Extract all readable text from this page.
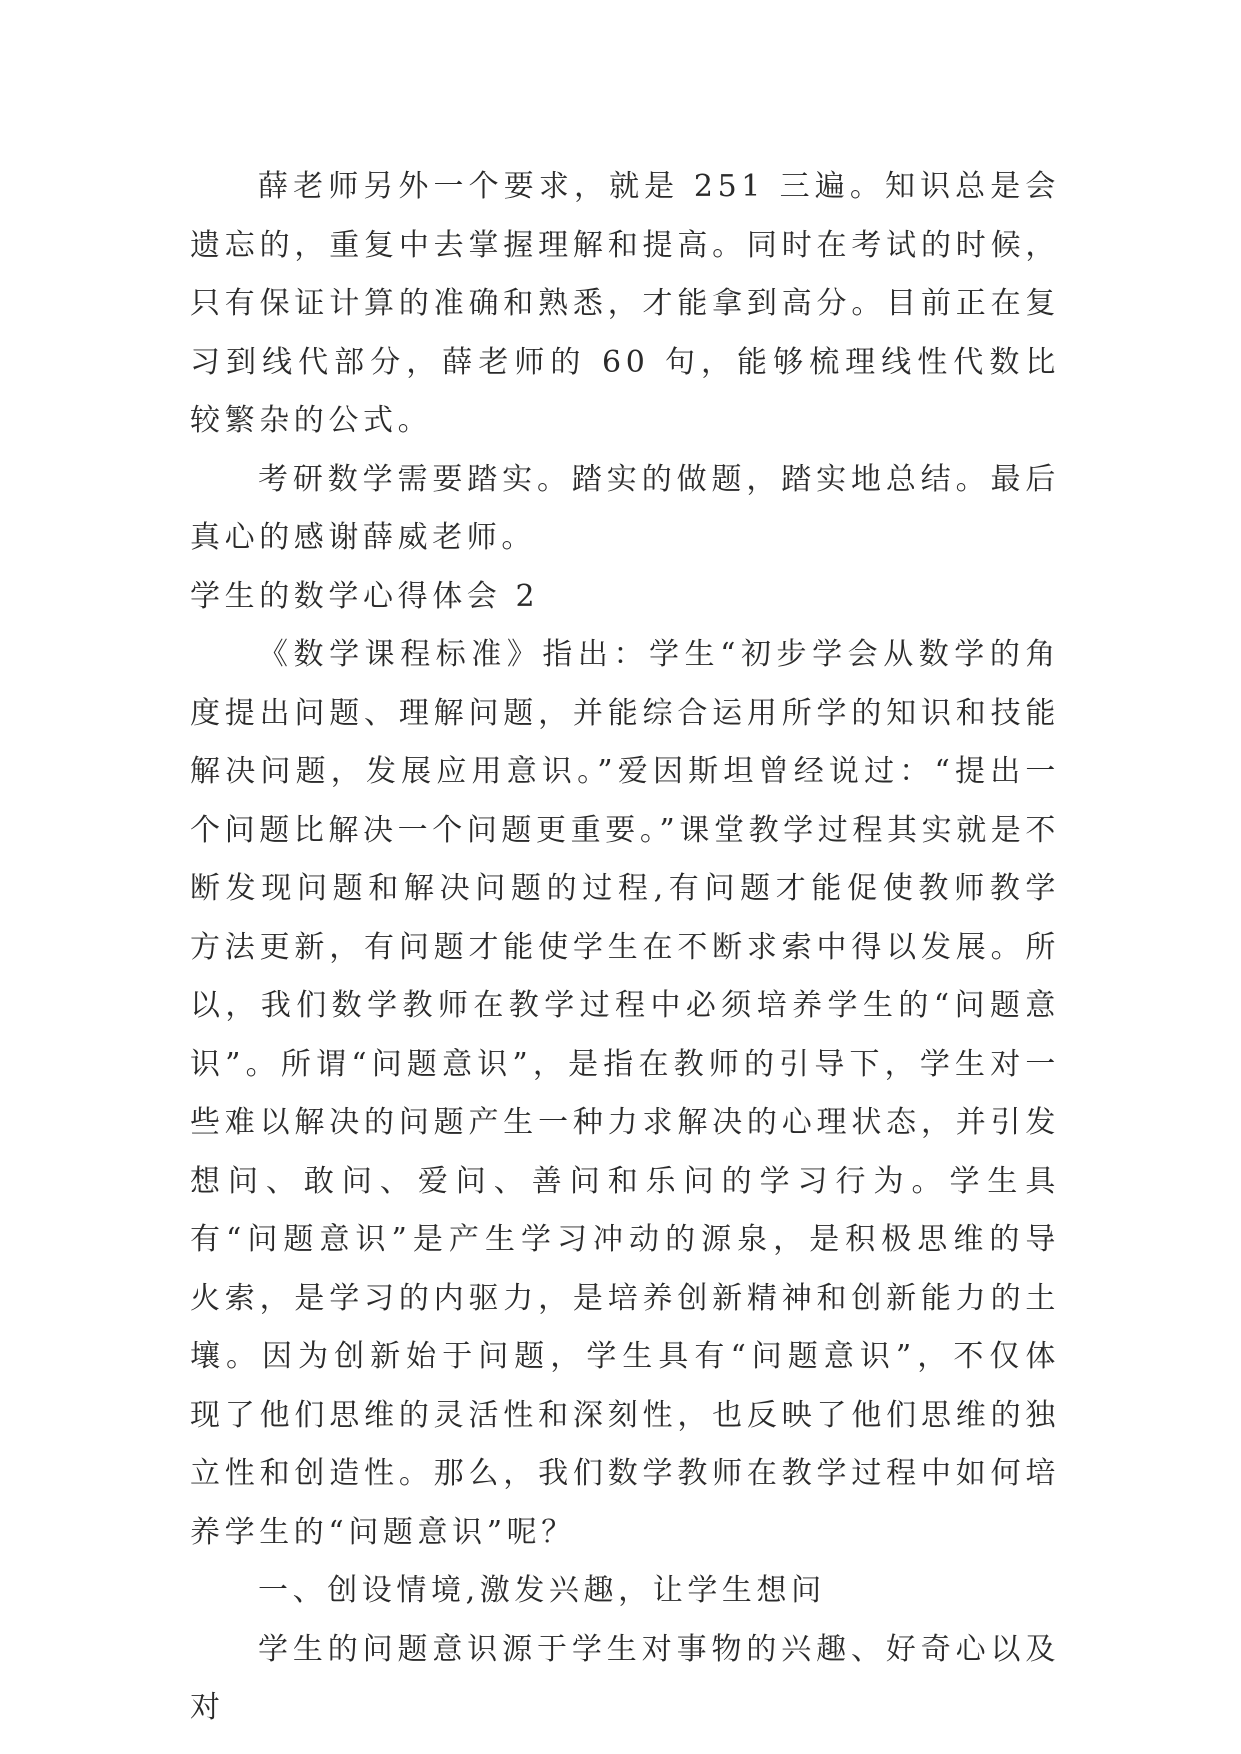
薛老师另外一个要求，就是 251 三遍。知识总是会遗忘的，重复中去掌握理解和提高。同时在考试的时候，只有保证计算的准确和熟悉，才能拿到高分。目前正在复习到线代部分，薛老师的 60 句，能够梳理线性代数比较繁杂的公式。

考研数学需要踏实。踏实的做题，踏实地总结。最后真心的感谢薛威老师。

学生的数学心得体会 2

《数学课程标准》指出：学生“初步学会从数学的角度提出问题、理解问题，并能综合运用所学的知识和技能解决问题，发展应用意识。”爱因斯坦曾经说过：“提出一个问题比解决一个问题更重要。”课堂教学过程其实就是不断发现问题和解决问题的过程,有问题才能促使教师教学方法更新，有问题才能使学生在不断求索中得以发展。所以，我们数学教师在教学过程中必须培养学生的“问题意识”。所谓“问题意识”，是指在教师的引导下，学生对一些难以解决的问题产生一种力求解决的心理状态，并引发想问、敢问、爱问、善问和乐问的学习行为。学生具有“问题意识”是产生学习冲动的源泉，是积极思维的导火索，是学习的内驱力，是培养创新精神和创新能力的土壤。因为创新始于问题，学生具有“问题意识”，不仅体现了他们思维的灵活性和深刻性，也反映了他们思维的独立性和创造性。那么，我们数学教师在教学过程中如何培养学生的“问题意识”呢？

一、创设情境,激发兴趣，让学生想问

学生的问题意识源于学生对事物的兴趣、好奇心以及对
